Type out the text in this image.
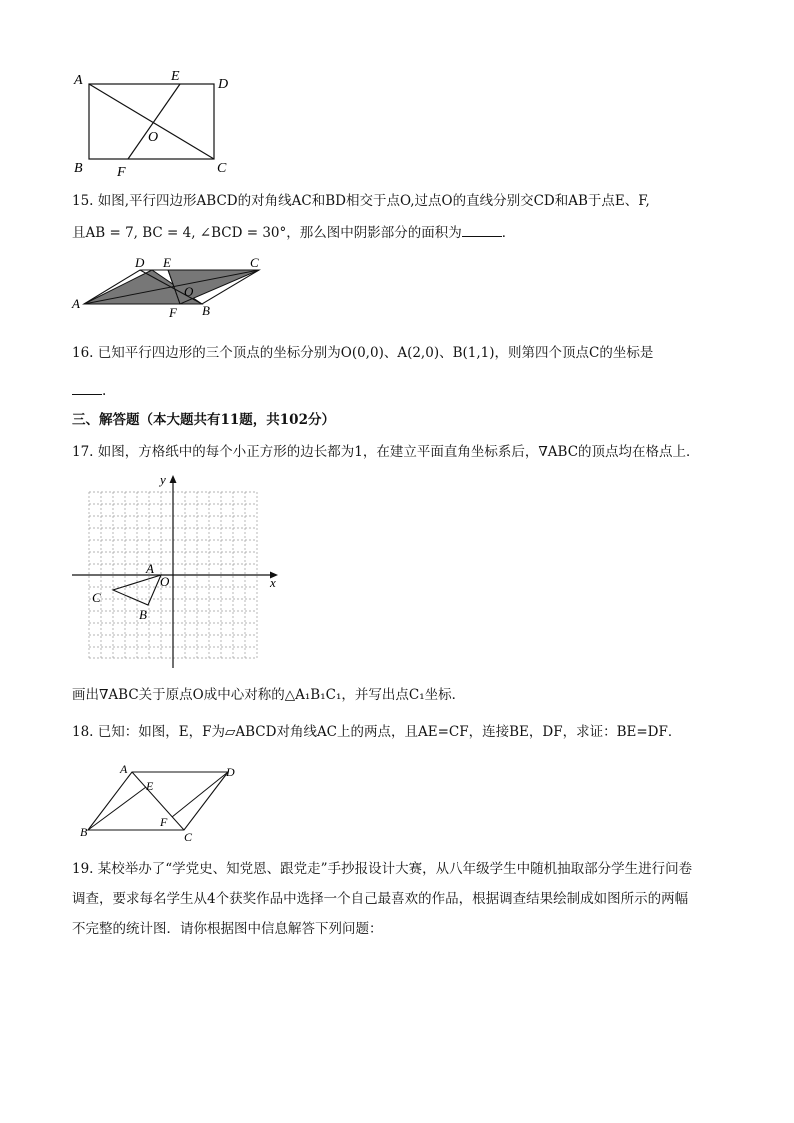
A	E
D
O
B F	C
15. 如图,平行四边形ABCD的对角线AC和BD相交于点O,过点O的直线分别交CD和AB于点E、F,
且AB = 7, BC = 4, ∠BCD = 30°，那么图中阴影部分的面积为	．
D E	C
O
A
F B
16. 已知平行四边形的三个顶点的坐标分别为O(0,0)、A(2,0)、B(1,1)，则第四个顶点C的坐标是
.
三、解答题（本大题共有11题，共102分）
17. 如图，方格纸中的每个小正方形的边长都为1，在建立平面直角坐标系后，∇ABC的顶点均在格点上．
y
x
A
O
C
B
画出∇ABC关于原点O成中心对称的△A₁B₁C₁，并写出点C₁坐标．
18. 已知：如图，E，F为▱ABCD对角线AC上的两点，且AE=CF，连接BE，DF，求证：BE=DF．
A	D
E
F
B	C
19. 某校举办了“学党史、知党恩、跟党走”手抄报设计大赛，从八年级学生中随机抽取部分学生进行问卷
调查，要求每名学生从4个获奖作品中选择一个自己最喜欢的作品，根据调查结果绘制成如图所示的两幅
不完整的统计图．请你根据图中信息解答下列问题：
